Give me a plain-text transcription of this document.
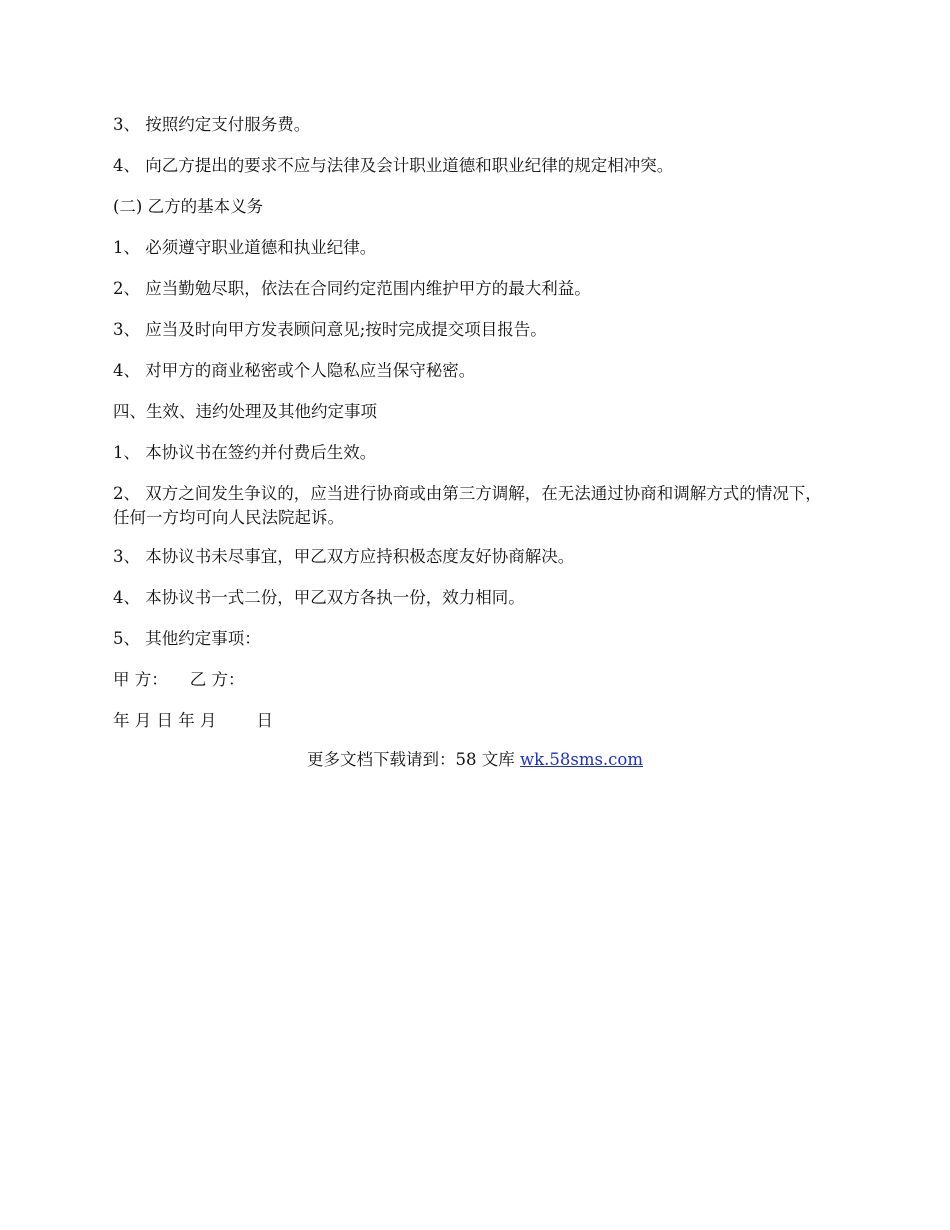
3、 按照约定支付服务费。
4、 向乙方提出的要求不应与法律及会计职业道德和职业纪律的规定相冲突。
(二) 乙方的基本义务
1、 必须遵守职业道德和执业纪律。
2、 应当勤勉尽职，依法在合同约定范围内维护甲方的最大利益。
3、 应当及时向甲方发表顾问意见;按时完成提交项目报告。
4、 对甲方的商业秘密或个人隐私应当保守秘密。
四、生效、违约处理及其他约定事项
1、 本协议书在签约并付费后生效。
2、 双方之间发生争议的，应当进行协商或由第三方调解，在无法通过协商和调解方式的情况下，任何一方均可向人民法院起诉。
3、 本协议书未尽事宜，甲乙双方应持积极态度友好协商解决。
4、 本协议书一式二份，甲乙双方各执一份，效力相同。
5、 其他约定事项：
甲 方： 乙 方：
年 月 日 年 月 日
更多文档下载请到：58 文库 wk.58sms.com
